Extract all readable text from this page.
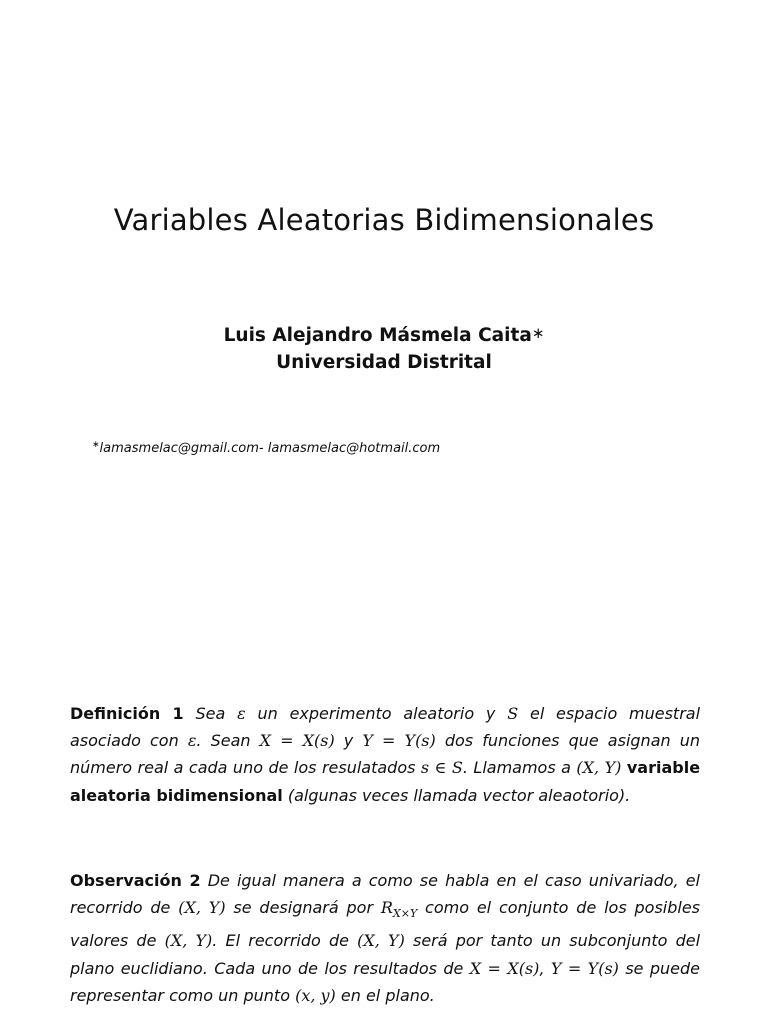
Variables Aleatorias Bidimensionales
Luis Alejandro Másmela Caita∗
Universidad Distrital
∗lamasmelac@gmail.com- lamasmelac@hotmail.com
Definición 1 Sea ε un experimento aleatorio y S el espacio muestral asociado con ε. Sean X = X(s) y Y = Y(s) dos funciones que asignan un número real a cada uno de los resulatados s ∈ S. Llamamos a (X, Y) variable aleatoria bidimensional (algunas veces llamada vector aleaotorio).
Observación 2 De igual manera a como se habla en el caso univariado, el recorrido de (X, Y) se designará por $R_{X\times Y}$ como el conjunto de los posibles valores de (X, Y). El recorrido de (X, Y) será por tanto un subconjunto del plano euclidiano. Cada uno de los resultados de X = X(s), Y = Y(s) se puede representar como un punto (x, y) en el plano.
